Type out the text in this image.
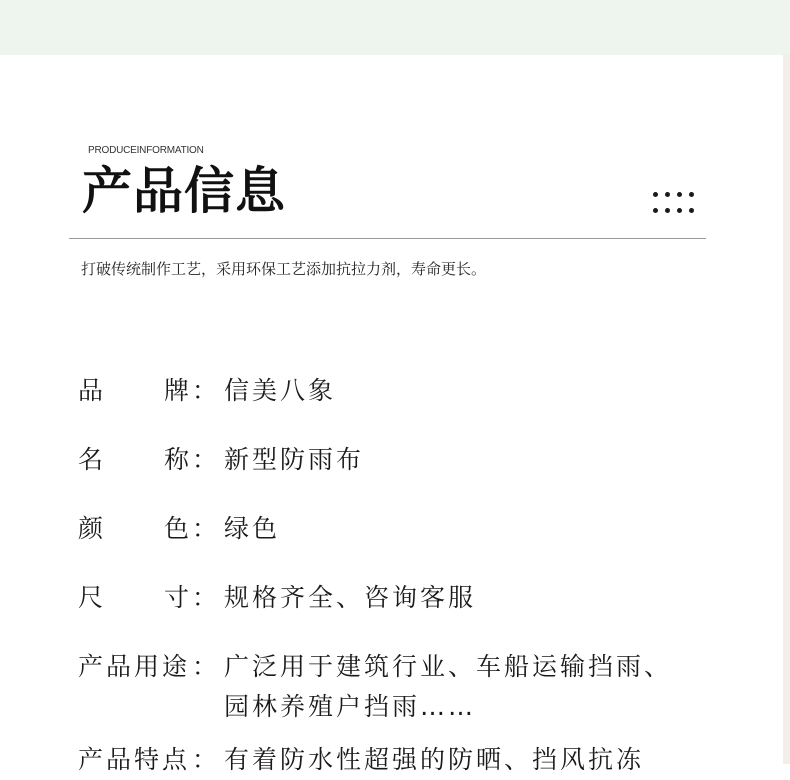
PRODUCEINFORMATION
产品信息
打破传统制作工艺，采用环保工艺添加抗拉力剂，寿命更长。
品 牌 ： 信美八象
名 称 ： 新型防雨布
颜 色 ： 绿色
尺 寸 ： 规格齐全、咨询客服
产品用途 ： 广泛用于建筑行业、车船运输挡雨、
园林养殖户挡雨……
产品特点 ： 有着防水性超强的防晒、挡风抗冻
